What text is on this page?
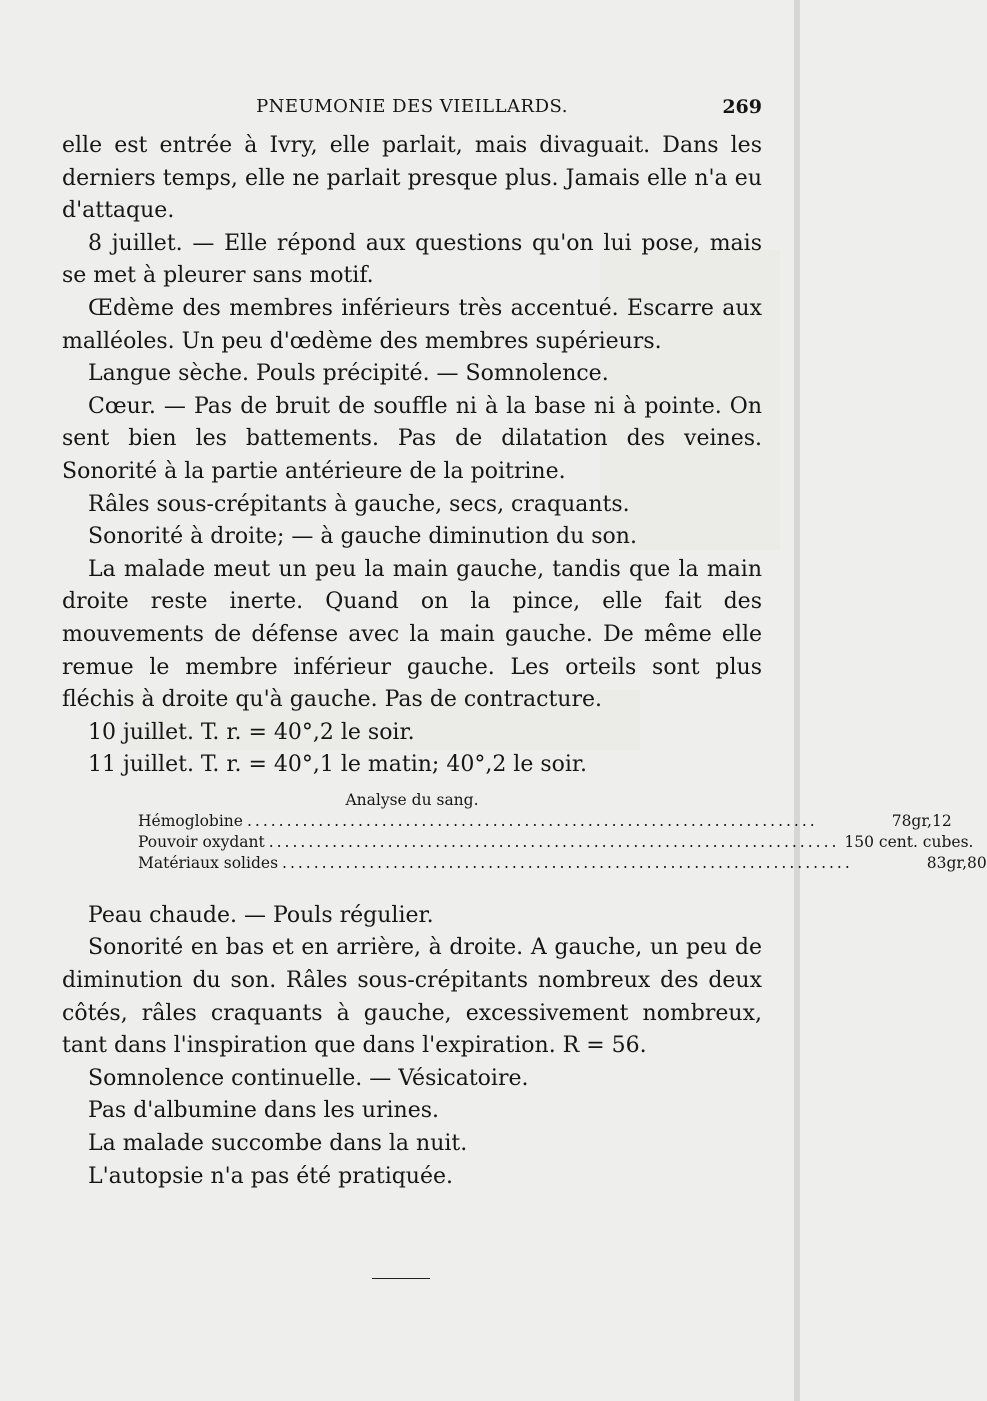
PNEUMONIE DES VIEILLARDS.	269

elle est entrée à Ivry, elle parlait, mais divaguait. Dans les derniers temps, elle ne parlait presque plus. Jamais elle n'a eu d'attaque.

8 juillet. — Elle répond aux questions qu'on lui pose, mais se met à pleurer sans motif.

Œdème des membres inférieurs très accentué. Escarre aux malléoles. Un peu d'œdème des membres supérieurs.

Langue sèche. Pouls précipité. — Somnolence.

Cœur. — Pas de bruit de souffle ni à la base ni à pointe. On sent bien les battements. Pas de dilatation des veines. Sonorité à la partie antérieure de la poitrine.

Râles sous-crépitants à gauche, secs, craquants.

Sonorité à droite; — à gauche diminution du son.

La malade meut un peu la main gauche, tandis que la main droite reste inerte. Quand on la pince, elle fait des mouvements de défense avec la main gauche. De même elle remue le membre inférieur gauche. Les orteils sont plus fléchis à droite qu'à gauche. Pas de contracture.

10 juillet. T. r. = 40°,2 le soir.

11 juillet. T. r. = 40°,1 le matin; 40°,2 le soir.

Analyse du sang.

Hémoglobine ........................................................................	78gr,12
Pouvoir oxydant ........................................................................ 150 cent. cubes.
Matériaux solides ........................................................................	83gr,80

Peau chaude. — Pouls régulier.

Sonorité en bas et en arrière, à droite. A gauche, un peu de diminution du son. Râles sous-crépitants nombreux des deux côtés, râles craquants à gauche, excessivement nombreux, tant dans l'inspiration que dans l'expiration. R = 56.

Somnolence continuelle. — Vésicatoire.

Pas d'albumine dans les urines.

La malade succombe dans la nuit.

L'autopsie n'a pas été pratiquée.
